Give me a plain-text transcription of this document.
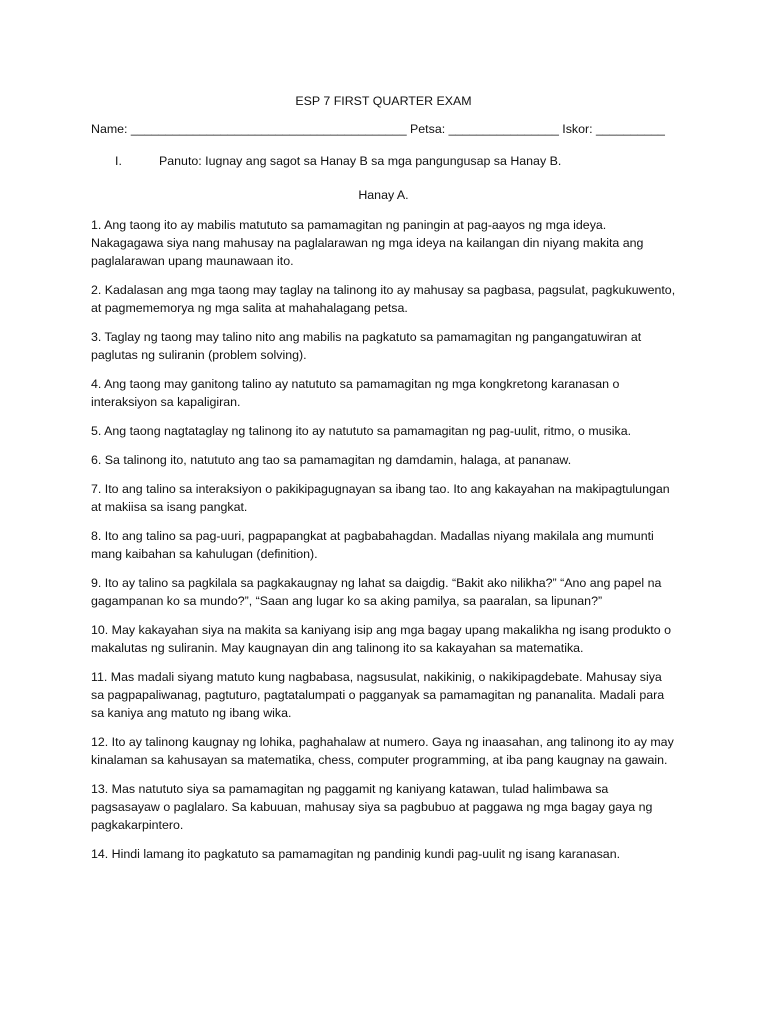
ESP 7 FIRST QUARTER EXAM
Name: ________________________________________ Petsa: ________________ Iskor: __________
I.	Panuto: Iugnay ang sagot sa Hanay B sa mga pangungusap sa Hanay B.
Hanay A.
1. Ang taong ito ay mabilis matututo sa pamamagitan ng paningin at pag-aayos ng mga ideya. Nakagagawa siya nang mahusay na paglalarawan ng mga ideya na kailangan din niyang makita ang paglalarawan upang maunawaan ito.
2. Kadalasan ang mga taong may taglay na talinong ito ay mahusay sa pagbasa, pagsulat, pagkukuwento, at pagmememorya ng mga salita at mahahalagang petsa.
3. Taglay ng taong may talino nito ang mabilis na pagkatuto sa pamamagitan ng pangangatuwiran at paglutas ng suliranin (problem solving).
4. Ang taong may ganitong talino ay natututo sa pamamagitan ng mga kongkretong karanasan o interaksiyon sa kapaligiran.
5. Ang taong nagtataglay ng talinong ito ay natututo sa pamamagitan ng pag-uulit, ritmo, o musika.
6. Sa talinong ito, natututo ang tao sa pamamagitan ng damdamin, halaga, at pananaw.
7. Ito ang talino sa interaksiyon o pakikipagugnayan sa ibang tao. Ito ang kakayahan na makipagtulungan at makiisa sa isang pangkat.
8. Ito ang talino sa pag-uuri, pagpapangkat at pagbabahagdan. Madallas niyang makilala ang mumunti mang kaibahan sa kahulugan (definition).
9. Ito ay talino sa pagkilala sa pagkakaugnay ng lahat sa daigdig. “Bakit ako nilikha?” “Ano ang papel na gagampanan ko sa mundo?”, “Saan ang lugar ko sa aking pamilya, sa paaralan, sa lipunan?”
10. May kakayahan siya na makita sa kaniyang isip ang mga bagay upang makalikha ng isang produkto o makalutas ng suliranin. May kaugnayan din ang talinong ito sa kakayahan sa matematika.
11. Mas madali siyang matuto kung nagbabasa, nagsusulat, nakikinig, o nakikipagdebate. Mahusay siya sa pagpapaliwanag, pagtuturo, pagtatalumpati o pagganyak sa pamamagitan ng pananalita. Madali para sa kaniya ang matuto ng ibang wika.
12. Ito ay talinong kaugnay ng lohika, paghahalaw at numero. Gaya ng inaasahan, ang talinong ito ay may kinalaman sa kahusayan sa matematika, chess, computer programming, at iba pang kaugnay na gawain.
13. Mas natututo siya sa pamamagitan ng paggamit ng kaniyang katawan, tulad halimbawa sa pagsasayaw o paglalaro. Sa kabuuan, mahusay siya sa pagbubuo at paggawa ng mga bagay gaya ng pagkakarpintero.
14. Hindi lamang ito pagkatuto sa pamamagitan ng pandinig kundi pag-uulit ng isang karanasan.
